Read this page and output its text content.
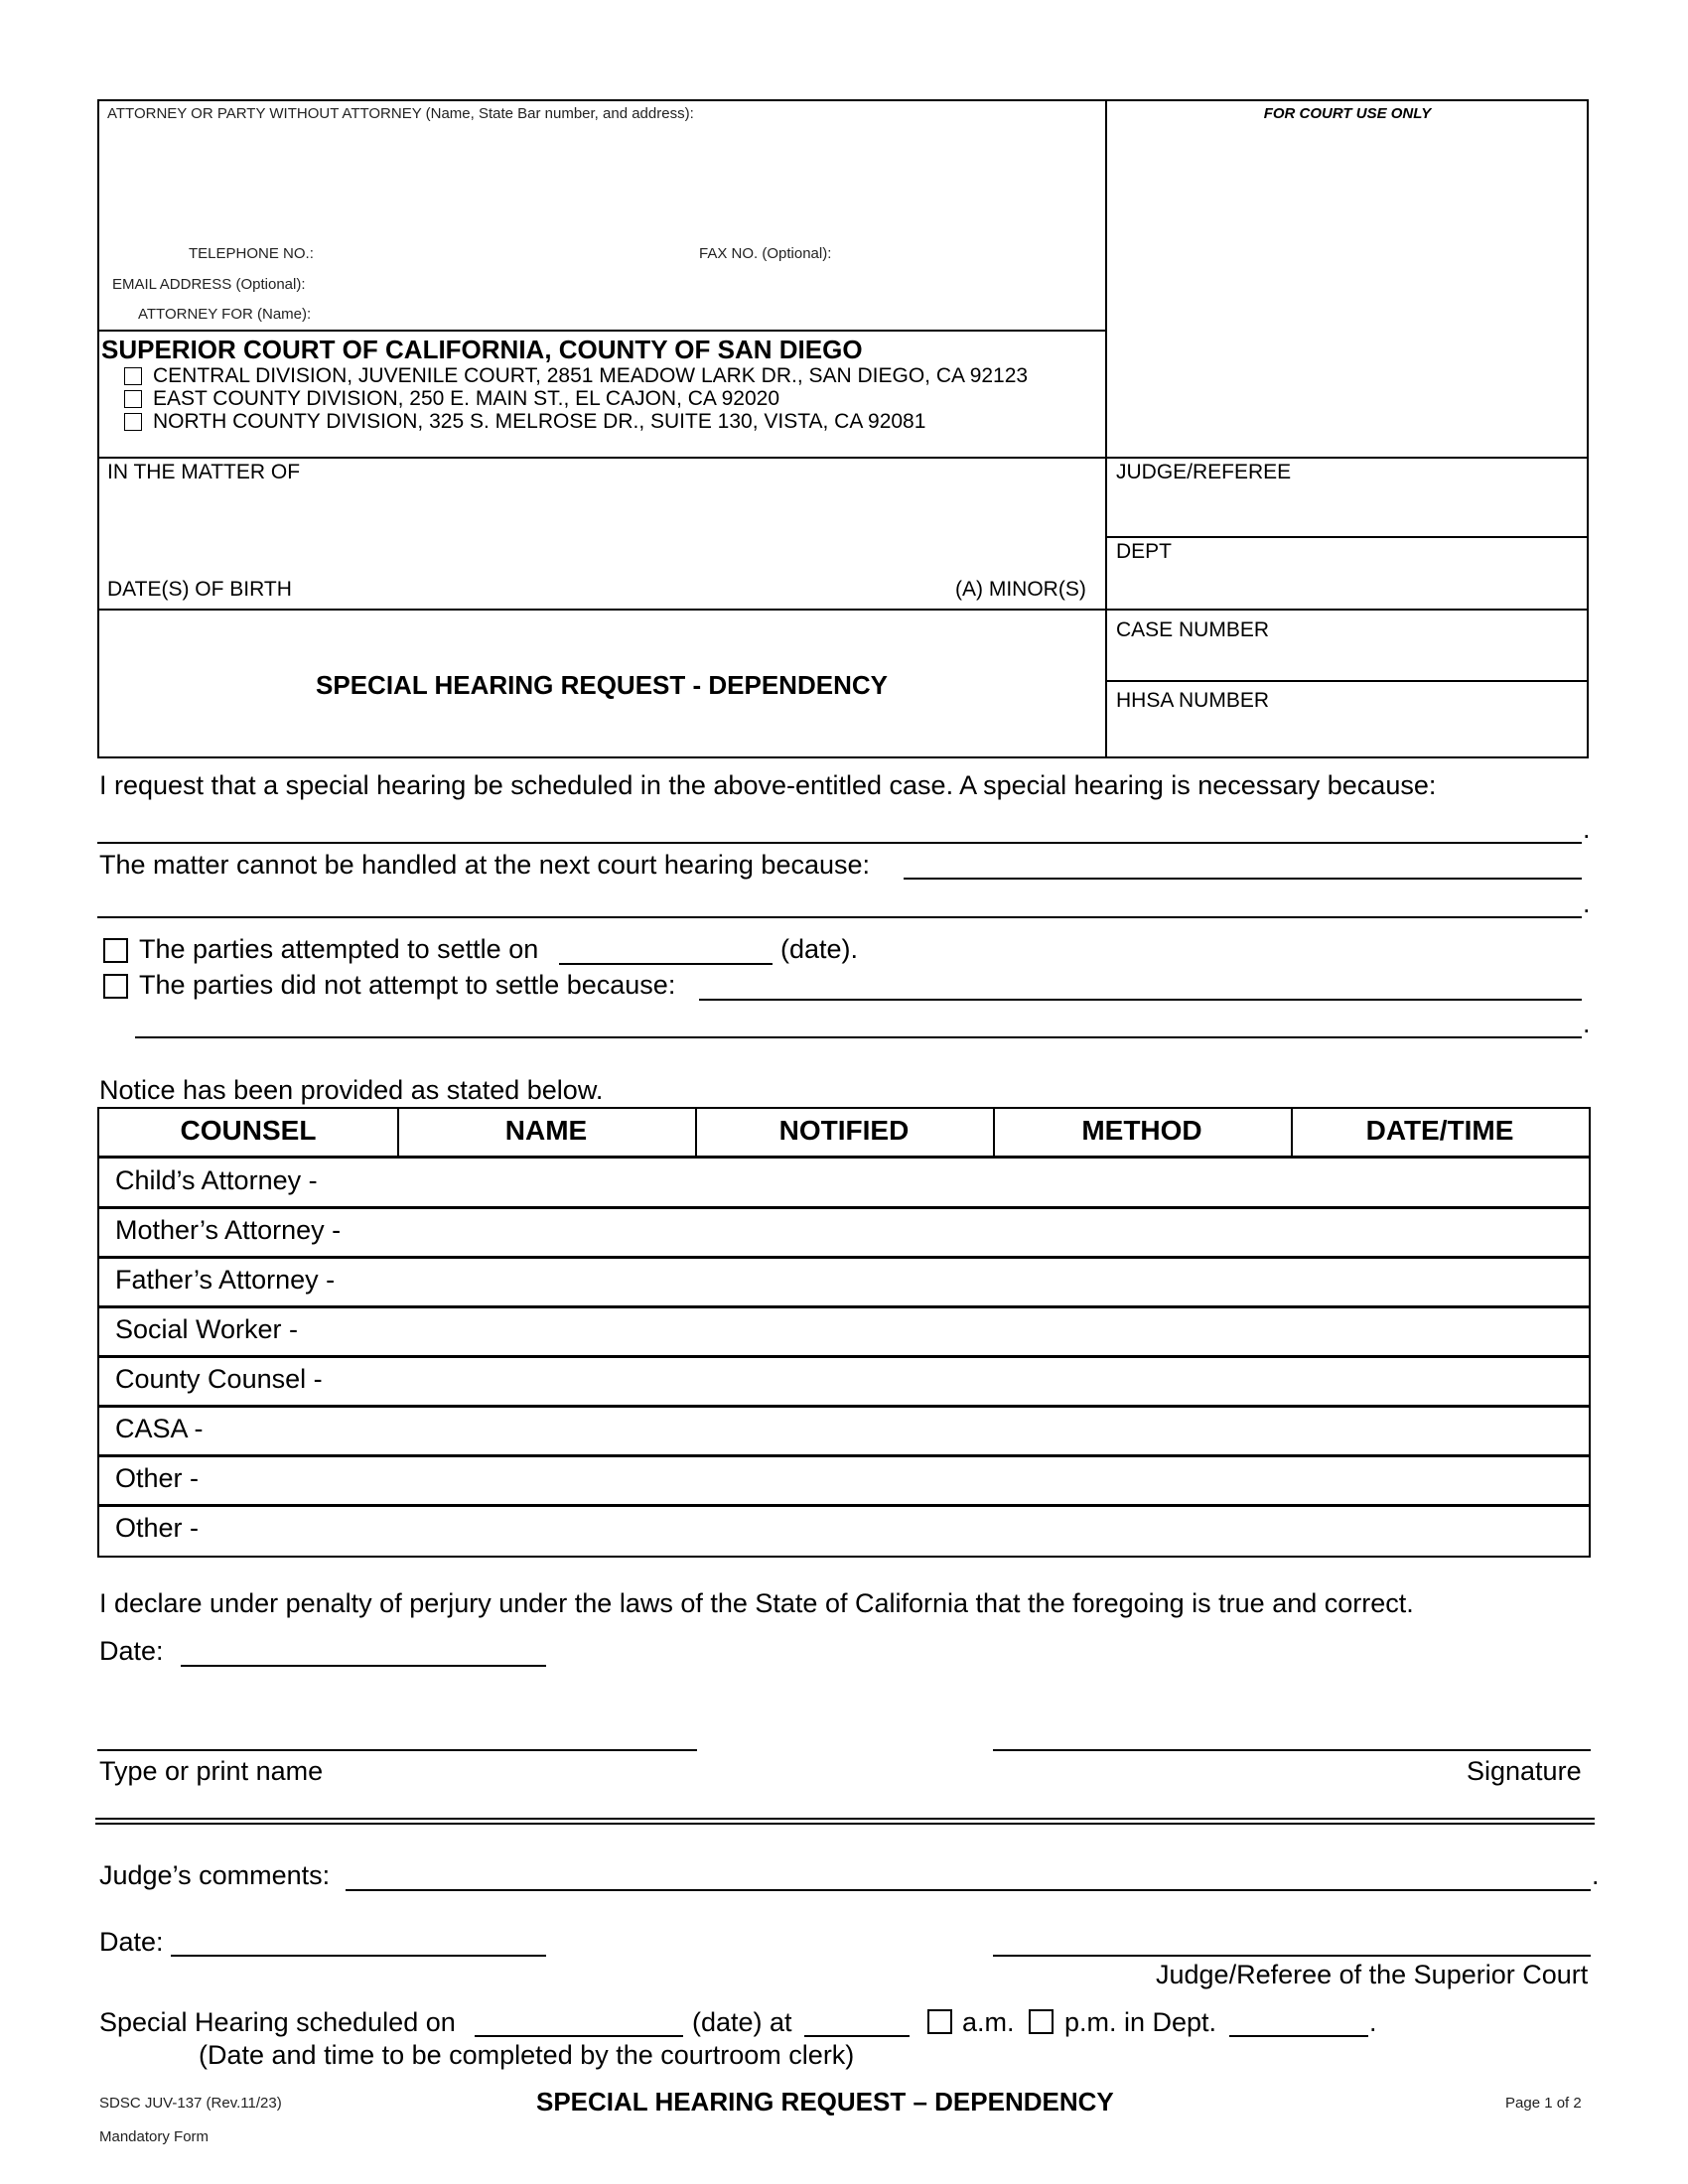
ATTORNEY OR PARTY WITHOUT ATTORNEY (Name, State Bar number, and address):	FOR COURT USE ONLY
TELEPHONE NO.:	FAX NO. (Optional):
EMAIL ADDRESS (Optional):
ATTORNEY FOR (Name):
SUPERIOR COURT OF CALIFORNIA, COUNTY OF SAN DIEGO
CENTRAL DIVISION, JUVENILE COURT, 2851 MEADOW LARK DR., SAN DIEGO, CA 92123
EAST COUNTY DIVISION, 250 E. MAIN ST., EL CAJON, CA 92020
NORTH COUNTY DIVISION, 325 S. MELROSE DR., SUITE 130, VISTA, CA 92081
IN THE MATTER OF	JUDGE/REFEREE
DEPT
DATE(S) OF BIRTH	(A) MINOR(S)
CASE NUMBER
SPECIAL HEARING REQUEST - DEPENDENCY
HHSA NUMBER
I request that a special hearing be scheduled in the above-entitled case. A special hearing is necessary because:
.
The matter cannot be handled at the next court hearing because:
.
The parties attempted to settle on	(date).
The parties did not attempt to settle because:
.
Notice has been provided as stated below.
COUNSEL	NAME	NOTIFIED	METHOD	DATE/TIME
Child’s Attorney -
Mother’s Attorney -
Father’s Attorney -
Social Worker -
County Counsel -
CASA -
Other -
Other -
I declare under penalty of perjury under the laws of the State of California that the foregoing is true and correct.
Date:
Type or print name	Signature
Judge’s comments:	.
Date:
Judge/Referee of the Superior Court
Special Hearing scheduled on	(date) at	a.m. p.m. in Dept.	.
(Date and time to be completed by the courtroom clerk)
SDSC JUV-137 (Rev.11/23)	SPECIAL HEARING REQUEST – DEPENDENCY	Page 1 of 2
Mandatory Form
